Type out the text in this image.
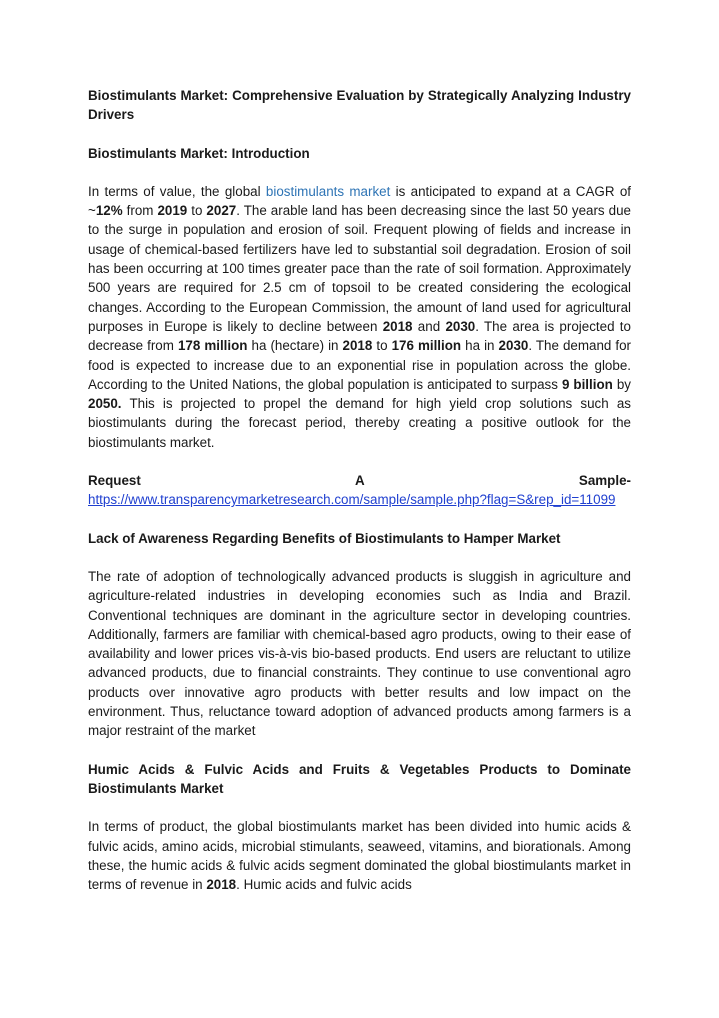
Biostimulants Market: Comprehensive Evaluation by Strategically Analyzing Industry Drivers

Biostimulants Market: Introduction

In terms of value, the global biostimulants market is anticipated to expand at a CAGR of ~12% from 2019 to 2027. The arable land has been decreasing since the last 50 years due to the surge in population and erosion of soil. Frequent plowing of fields and increase in usage of chemical-based fertilizers have led to substantial soil degradation. Erosion of soil has been occurring at 100 times greater pace than the rate of soil formation. Approximately 500 years are required for 2.5 cm of topsoil to be created considering the ecological changes. According to the European Commission, the amount of land used for agricultural purposes in Europe is likely to decline between 2018 and 2030. The area is projected to decrease from 178 million ha (hectare) in 2018 to 176 million ha in 2030. The demand for food is expected to increase due to an exponential rise in population across the globe. According to the United Nations, the global population is anticipated to surpass 9 billion by 2050. This is projected to propel the demand for high yield crop solutions such as biostimulants during the forecast period, thereby creating a positive outlook for the biostimulants market.

Request	A	Sample-
https://www.transparencymarketresearch.com/sample/sample.php?flag=S&rep_id=11099

Lack of Awareness Regarding Benefits of Biostimulants to Hamper Market

The rate of adoption of technologically advanced products is sluggish in agriculture and agriculture-related industries in developing economies such as India and Brazil. Conventional techniques are dominant in the agriculture sector in developing countries. Additionally, farmers are familiar with chemical-based agro products, owing to their ease of availability and lower prices vis-à-vis bio-based products. End users are reluctant to utilize advanced products, due to financial constraints. They continue to use conventional agro products over innovative agro products with better results and low impact on the environment. Thus, reluctance toward adoption of advanced products among farmers is a major restraint of the market

Humic Acids & Fulvic Acids and Fruits & Vegetables Products to Dominate Biostimulants Market

In terms of product, the global biostimulants market has been divided into humic acids & fulvic acids, amino acids, microbial stimulants, seaweed, vitamins, and biorationals. Among these, the humic acids & fulvic acids segment dominated the global biostimulants market in terms of revenue in 2018. Humic acids and fulvic acids
